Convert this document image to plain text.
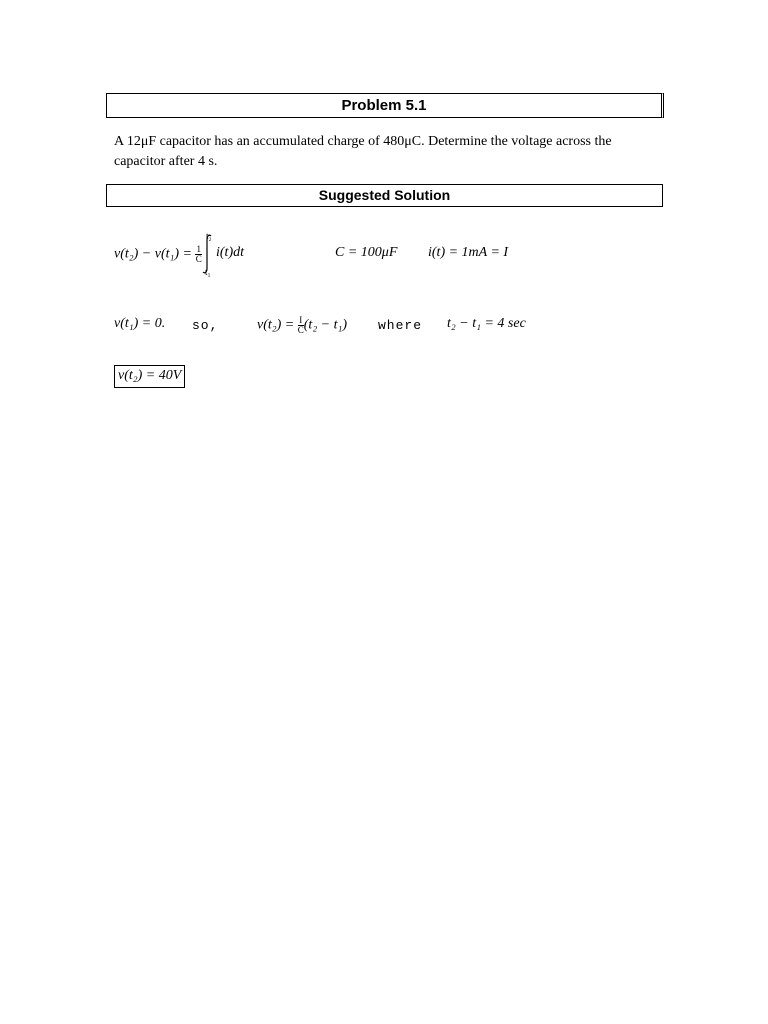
Problem 5.1
A 12μF capacitor has an accumulated charge of 480μC. Determine the voltage across the capacitor after 4 s.
Suggested Solution
$v(t_2) - v(t_1) = \frac{1}{C}$
t₂
t₁
i(t)dt	C = 100μF i(t) = 1mA = I
v(t₁) = 0. so,	$v(t_2) = \frac{I}{C} (t_2 - t_1)$ where t₂ − t₁ = 4 sec
v(t₂) = 40V
